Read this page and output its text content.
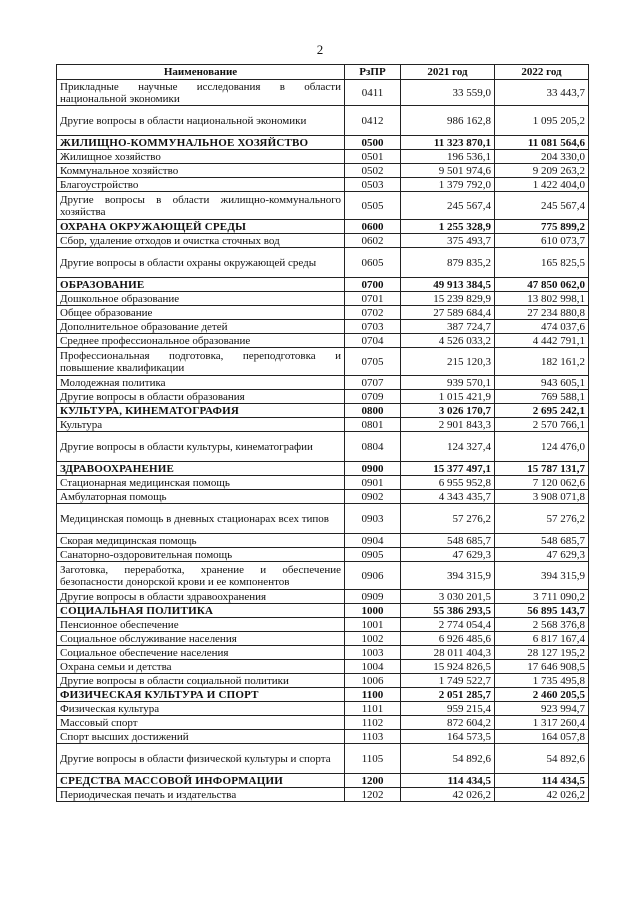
2
Наименование	РзПР	2021 год	2022 год
Прикладные научные исследования в области национальной экономики	0411	33 559,0	33 443,7
Другие вопросы в области национальной экономики	0412	986 162,8	1 095 205,2
ЖИЛИЩНО-КОММУНАЛЬНОЕ ХОЗЯЙСТВО	0500	11 323 870,1	11 081 564,6
Жилищное хозяйство	0501	196 536,1	204 330,0
Коммунальное хозяйство	0502	9 501 974,6	9 209 263,2
Благоустройство	0503	1 379 792,0	1 422 404,0
Другие вопросы в области жилищно-коммунального хозяйства	0505	245 567,4	245 567,4
ОХРАНА ОКРУЖАЮЩЕЙ СРЕДЫ	0600	1 255 328,9	775 899,2
Сбор, удаление отходов и очистка сточных вод	0602	375 493,7	610 073,7
Другие вопросы в области охраны окружающей среды	0605	879 835,2	165 825,5
ОБРАЗОВАНИЕ	0700	49 913 384,5	47 850 062,0
Дошкольное образование	0701	15 239 829,9	13 802 998,1
Общее образование	0702	27 589 684,4	27 234 880,8
Дополнительное образование детей	0703	387 724,7	474 037,6
Среднее профессиональное образование	0704	4 526 033,2	4 442 791,1
Профессиональная подготовка, переподготовка и повышение квалификации	0705	215 120,3	182 161,2
Молодежная политика	0707	939 570,1	943 605,1
Другие вопросы в области образования	0709	1 015 421,9	769 588,1
КУЛЬТУРА, КИНЕМАТОГРАФИЯ	0800	3 026 170,7	2 695 242,1
Культура	0801	2 901 843,3	2 570 766,1
Другие вопросы в области культуры, кинематографии	0804	124 327,4	124 476,0
ЗДРАВООХРАНЕНИЕ	0900	15 377 497,1	15 787 131,7
Стационарная медицинская помощь	0901	6 955 952,8	7 120 062,6
Амбулаторная помощь	0902	4 343 435,7	3 908 071,8
Медицинская помощь в дневных стационарах всех типов	0903	57 276,2	57 276,2
Скорая медицинская помощь	0904	548 685,7	548 685,7
Санаторно-оздоровительная помощь	0905	47 629,3	47 629,3
Заготовка, переработка, хранение и обеспечение безопасности донорской крови и ее компонентов	0906	394 315,9	394 315,9
Другие вопросы в области здравоохранения	0909	3 030 201,5	3 711 090,2
СОЦИАЛЬНАЯ ПОЛИТИКА	1000	55 386 293,5	56 895 143,7
Пенсионное обеспечение	1001	2 774 054,4	2 568 376,8
Социальное обслуживание населения	1002	6 926 485,6	6 817 167,4
Социальное обеспечение населения	1003	28 011 404,3	28 127 195,2
Охрана семьи и детства	1004	15 924 826,5	17 646 908,5
Другие вопросы в области социальной политики	1006	1 749 522,7	1 735 495,8
ФИЗИЧЕСКАЯ КУЛЬТУРА И СПОРТ	1100	2 051 285,7	2 460 205,5
Физическая культура	1101	959 215,4	923 994,7
Массовый спорт	1102	872 604,2	1 317 260,4
Спорт высших достижений	1103	164 573,5	164 057,8
Другие вопросы в области физической культуры и спорта	1105	54 892,6	54 892,6
СРЕДСТВА МАССОВОЙ ИНФОРМАЦИИ	1200	114 434,5	114 434,5
Периодическая печать и издательства	1202	42 026,2	42 026,2
